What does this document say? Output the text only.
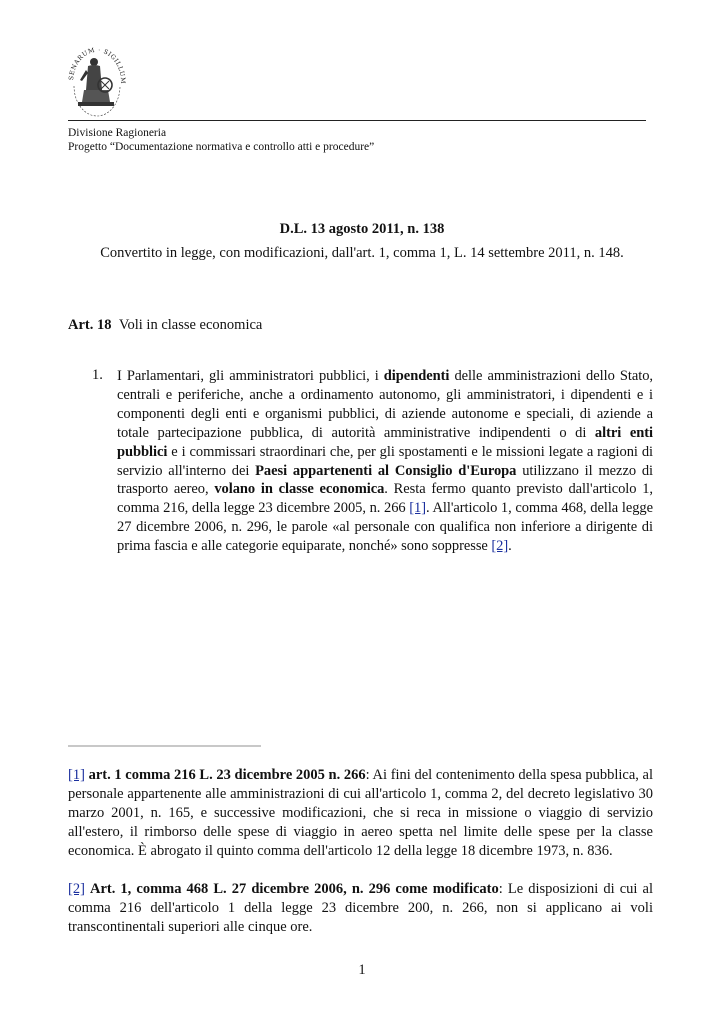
SENARUM · SIGILLUM
Divisione Ragioneria
Progetto “Documentazione normativa e controllo atti e procedure”
D.L. 13 agosto 2011, n. 138
Convertito in legge, con modificazioni, dall'art. 1, comma 1, L. 14 settembre 2011, n. 148.
Art. 18 Voli in classe economica
1. I Parlamentari, gli amministratori pubblici, i dipendenti delle amministrazioni dello Stato, centrali e periferiche, anche a ordinamento autonomo, gli amministratori, i dipendenti e i componenti degli enti e organismi pubblici, di aziende autonome e speciali, di aziende a totale partecipazione pubblica, di autorità amministrative indipendenti o di altri enti pubblici e i commissari straordinari che, per gli spostamenti e le missioni legate a ragioni di servizio all'interno dei Paesi appartenenti al Consiglio d'Europa utilizzano il mezzo di trasporto aereo, volano in classe economica. Resta fermo quanto previsto dall'articolo 1, comma 216, della legge 23 dicembre 2005, n. 266 [1]. All'articolo 1, comma 468, della legge 27 dicembre 2006, n. 296, le parole «al personale con qualifica non inferiore a dirigente di prima fascia e alle categorie equiparate, nonché» sono soppresse [2].
[1] art. 1 comma 216 L. 23 dicembre 2005 n. 266: Ai fini del contenimento della spesa pubblica, al personale appartenente alle amministrazioni di cui all'articolo 1, comma 2, del decreto legislativo 30 marzo 2001, n. 165, e successive modificazioni, che si reca in missione o viaggio di servizio all'estero, il rimborso delle spese di viaggio in aereo spetta nel limite delle spese per la classe economica. È abrogato il quinto comma dell'articolo 12 della legge 18 dicembre 1973, n. 836.
[2] Art. 1, comma 468 L. 27 dicembre 2006, n. 296 come modificato: Le disposizioni di cui al comma 216 dell'articolo 1 della legge 23 dicembre 200, n. 266, non si applicano ai voli transcontinentali superiori alle cinque ore.
1
